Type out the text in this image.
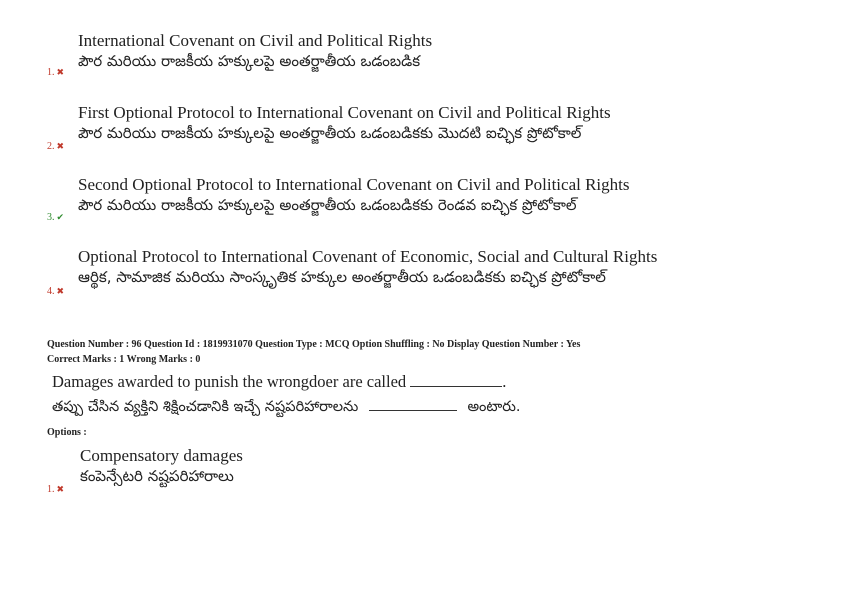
International Covenant on Civil and Political Rights
పౌర మరియు రాజకీయ హక్కులపై అంతర్జాతీయ ఒడంబడిక
1. ✖
First Optional Protocol to International Covenant on Civil and Political Rights
పౌర మరియు రాజకీయ హక్కులపై అంతర్జాతీయ ఒడంబడికకు మొదటి ఐచ్ఛిక ప్రోటోకాల్
2. ✖
Second Optional Protocol to International Covenant on Civil and Political Rights
పౌర మరియు రాజకీయ హక్కులపై అంతర్జాతీయ ఒడంబడికకు రెండవ ఐచ్ఛిక ప్రోటోకాల్
3. ✔
Optional Protocol to International Covenant of Economic, Social and Cultural Rights
ఆర్థిక, సామాజిక మరియు సాంస్కృతిక హక్కుల అంతర్జాతీయ ఒడంబడికకు ఐచ్ఛిక ప్రోటోకాల్
4. ✖
Question Number : 96 Question Id : 1819931070 Question Type : MCQ Option Shuffling : No Display Question Number : Yes
Correct Marks : 1 Wrong Marks : 0
Damages awarded to punish the wrongdoer are called	.
తప్పు చేసిన వ్యక్తిని శిక్షించడానికి ఇచ్చే నష్టపరిహారాలను	అంటారు.
Options :
Compensatory damages
కంపెన్సేటరి నష్టపరిహారాలు
1. ✖
